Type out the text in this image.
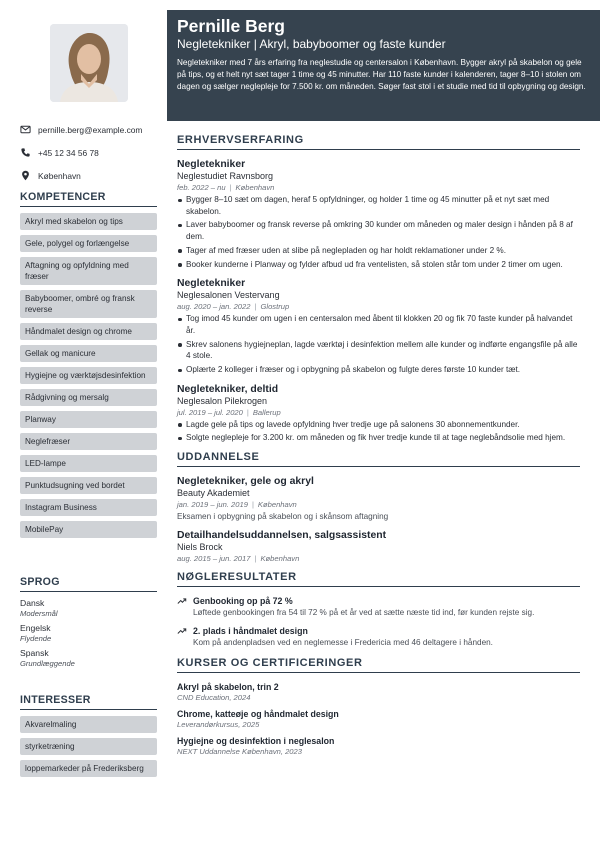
pernille.berg@example.com
+45 12 34 56 78
København
KOMPETENCER
Akryl med skabelon og tips
Gele, polygel og forlængelse
Aftagning og opfyldning med fræser
Babyboomer, ombré og fransk reverse
Håndmalet design og chrome
Gellak og manicure
Hygiejne og værktøjsdesinfektion
Rådgivning og mersalg
Planway
Neglefræser
LED-lampe
Punktudsugning ved bordet
Instagram Business
MobilePay
SPROG
Dansk
Modersmål
Engelsk
Flydende
Spansk
Grundlæggende
INTERESSER
Akvarelmaling
styrketræning
loppemarkeder på Frederiksberg
Pernille Berg
Negletekniker | Akryl, babyboomer og faste kunder

Negletekniker med 7 års erfaring fra neglestudie og centersalon i København. Bygger akryl på skabelon og gele på tips, og et helt nyt sæt tager 1 time og 45 minutter. Har 110 faste kunder i kalenderen, tager 8–10 i stolen om dagen og sælger neglepleje for 7.500 kr. om måneden. Søger fast stol i et studie med tid til opbygning og design.

ERHVERVSERFARING
Negletekniker
Neglestudiet Ravnsborg
feb. 2022 – nu | København
Bygger 8–10 sæt om dagen, heraf 5 opfyldninger, og holder 1 time og 45 minutter på et nyt sæt med skabelon.
Laver babyboomer og fransk reverse på omkring 30 kunder om måneden og maler design i hånden på 8 af dem.
Tager af med fræser uden at slibe på neglepladen og har holdt reklamationer under 2 %.
Booker kunderne i Planway og fylder afbud ud fra ventelisten, så stolen står tom under 2 timer om ugen.
Negletekniker
Neglesalonen Vestervang
aug. 2020 – jan. 2022 | Glostrup
Tog imod 45 kunder om ugen i en centersalon med åbent til klokken 20 og fik 70 faste kunder på halvandet år.
Skrev salonens hygiejneplan, lagde værktøj i desinfektion mellem alle kunder og indførte engangsfile på alle 4 stole.
Oplærte 2 kolleger i fræser og i opbygning på skabelon og fulgte deres første 10 kunder tæt.
Negletekniker, deltid
Neglesalon Pilekrogen
jul. 2019 – jul. 2020 | Ballerup
Lagde gele på tips og lavede opfyldning hver tredje uge på salonens 30 abonnementkunder.
Solgte neglepleje for 3.200 kr. om måneden og fik hver tredje kunde til at tage neglebåndsolie med hjem.
UDDANNELSE
Negletekniker, gele og akryl
Beauty Akademiet
jan. 2019 – jun. 2019 | København
Eksamen i opbygning på skabelon og i skånsom aftagning
Detailhandelsuddannelsen, salgsassistent
Niels Brock
aug. 2015 – jun. 2017 | København
NØGLERESULTATER
Genbooking op på 72 %
Løftede genbookingen fra 54 til 72 % på et år ved at sætte næste tid ind, før kunden rejste sig.
2. plads i håndmalet design
Kom på andenpladsen ved en neglemesse i Fredericia med 46 deltagere i hånden.
KURSER OG CERTIFICERINGER
Akryl på skabelon, trin 2
CND Education, 2024
Chrome, katteøje og håndmalet design
Leverandørkursus, 2025
Hygiejne og desinfektion i neglesalon
NEXT Uddannelse København, 2023
